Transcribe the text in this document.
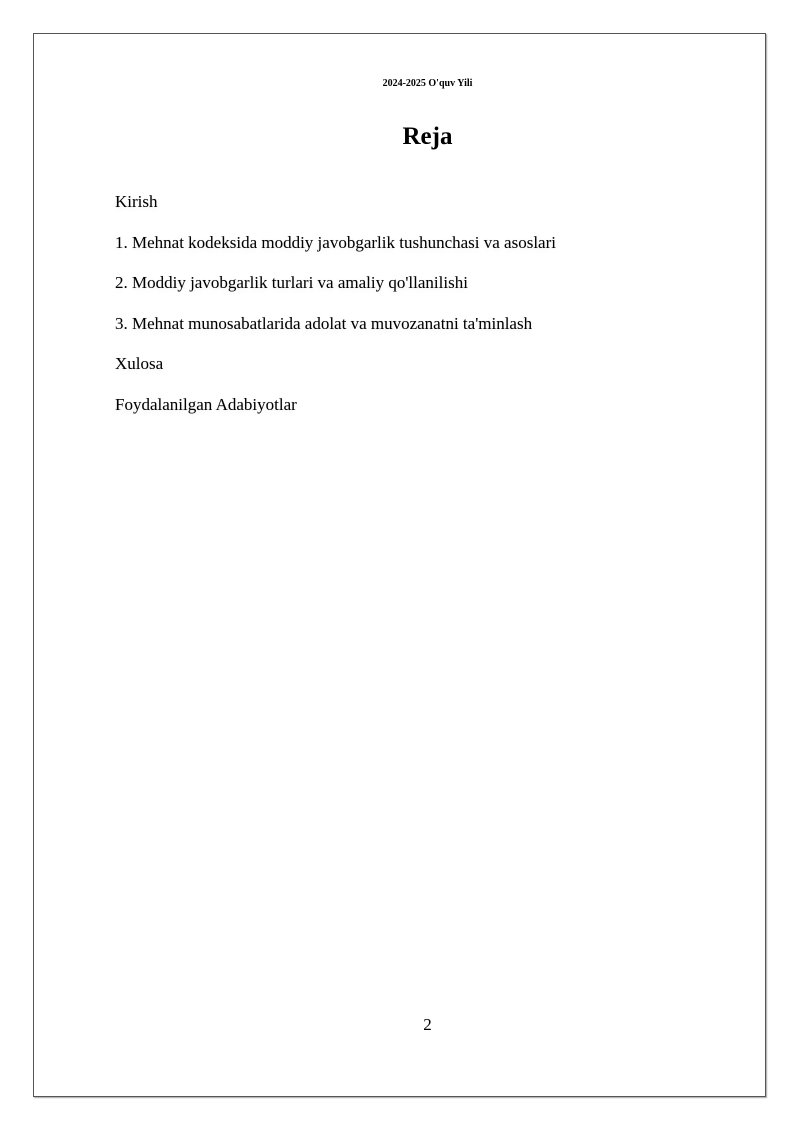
2024-2025 O'quv Yili
Reja
Kirish
1. Mehnat kodeksida moddiy javobgarlik tushunchasi va asoslari
2. Moddiy javobgarlik turlari va amaliy qo'llanilishi
3. Mehnat munosabatlarida adolat va muvozanatni ta'minlash
Xulosa
Foydalanilgan Adabiyotlar
2
